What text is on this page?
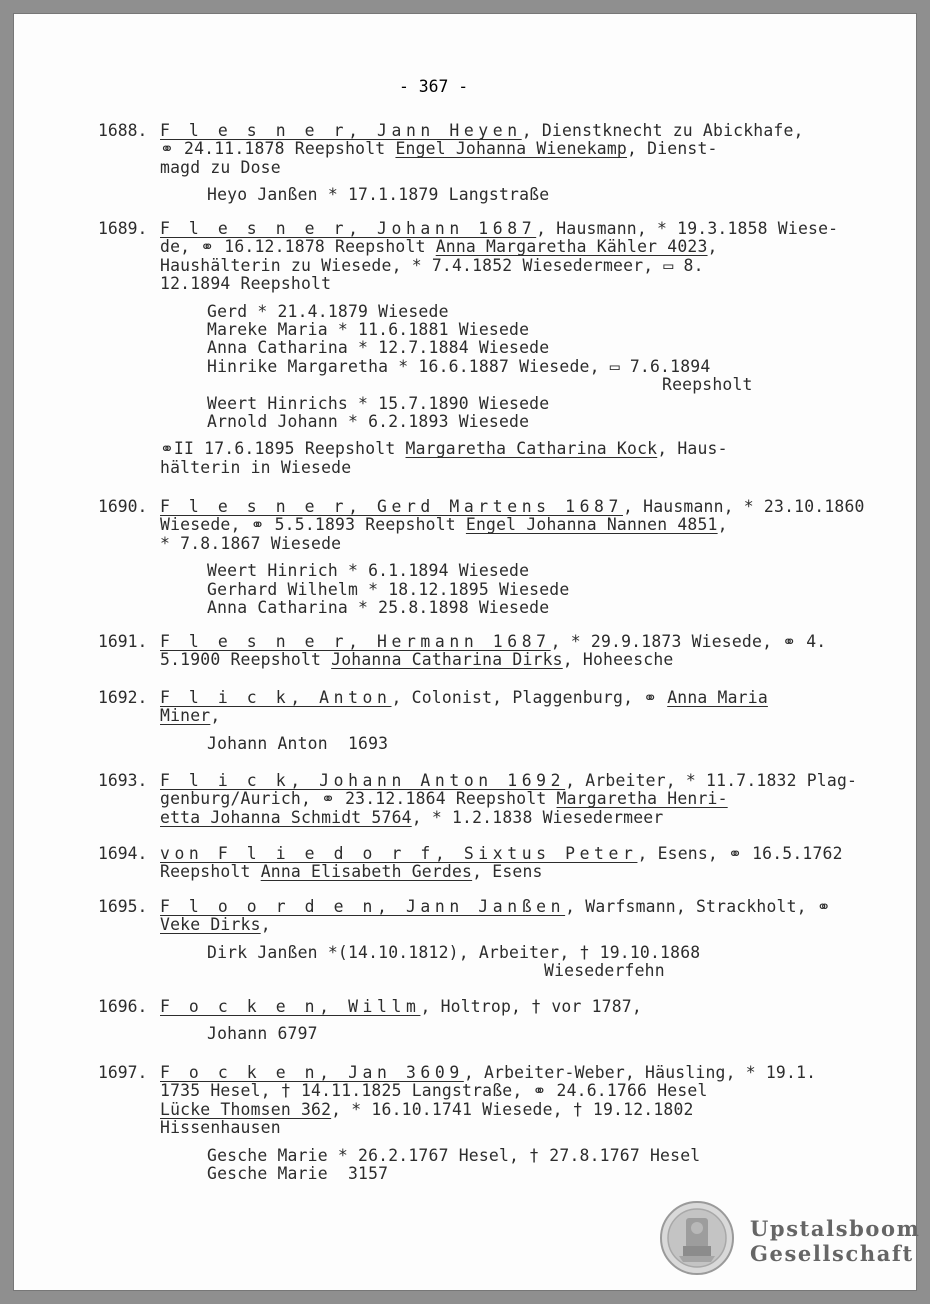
- 367 -
1688. F l e s n e r, Jann Heyen, Dienstknecht zu Abickhafe,
⚭ 24.11.1878 Reepsholt Engel Johanna Wienekamp, Dienst-
magd zu Dose
Heyo Janßen * 17.1.1879 Langstraße
1689. F l e s n e r, Johann 1687, Hausmann, * 19.3.1858 Wiese-
de, ⚭ 16.12.1878 Reepsholt Anna Margaretha Kähler 4023,
Haushälterin zu Wiesede, * 7.4.1852 Wiesedermeer, ▭ 8.
12.1894 Reepsholt
Gerd * 21.4.1879 Wiesede
Mareke Maria * 11.6.1881 Wiesede
Anna Catharina * 12.7.1884 Wiesede
Hinrike Margaretha * 16.6.1887 Wiesede, ▭ 7.6.1894
Reepsholt
Weert Hinrichs * 15.7.1890 Wiesede
Arnold Johann * 6.2.1893 Wiesede
⚭II 17.6.1895 Reepsholt Margaretha Catharina Kock, Haus-
hälterin in Wiesede
1690. F l e s n e r, Gerd Martens 1687, Hausmann, * 23.10.1860
Wiesede, ⚭ 5.5.1893 Reepsholt Engel Johanna Nannen 4851,
* 7.8.1867 Wiesede
Weert Hinrich * 6.1.1894 Wiesede
Gerhard Wilhelm * 18.12.1895 Wiesede
Anna Catharina * 25.8.1898 Wiesede
1691. F l e s n e r, Hermann 1687, * 29.9.1873 Wiesede, ⚭ 4.
5.1900 Reepsholt Johanna Catharina Dirks, Hoheesche
1692. F l i c k, Anton, Colonist, Plaggenburg, ⚭ Anna Maria
Miner,
Johann Anton  1693
1693. F l i c k, Johann Anton 1692, Arbeiter, * 11.7.1832 Plag-
genburg/Aurich, ⚭ 23.12.1864 Reepsholt Margaretha Henri-
etta Johanna Schmidt 5764, * 1.2.1838 Wiesedermeer
1694. von F l i e d o r f, Sixtus Peter, Esens, ⚭ 16.5.1762
Reepsholt Anna Elisabeth Gerdes, Esens
1695. F l o o r d e n, Jann Janßen, Warfsmann, Strackholt, ⚭
Veke Dirks,
Dirk Janßen *(14.10.1812), Arbeiter, † 19.10.1868
Wiesederfehn
1696. F o c k e n, Willm, Holtrop, † vor 1787,
Johann 6797
1697. F o c k e n, Jan 3609, Arbeiter-Weber, Häusling, * 19.1.
1735 Hesel, † 14.11.1825 Langstraße, ⚭ 24.6.1766 Hesel
Lücke Thomsen 362, * 16.10.1741 Wiesede, † 19.12.1802
Hissenhausen
Gesche Marie * 26.2.1767 Hesel, † 27.8.1767 Hesel
Gesche Marie  3157
Upstalsboom
Gesellschaft
